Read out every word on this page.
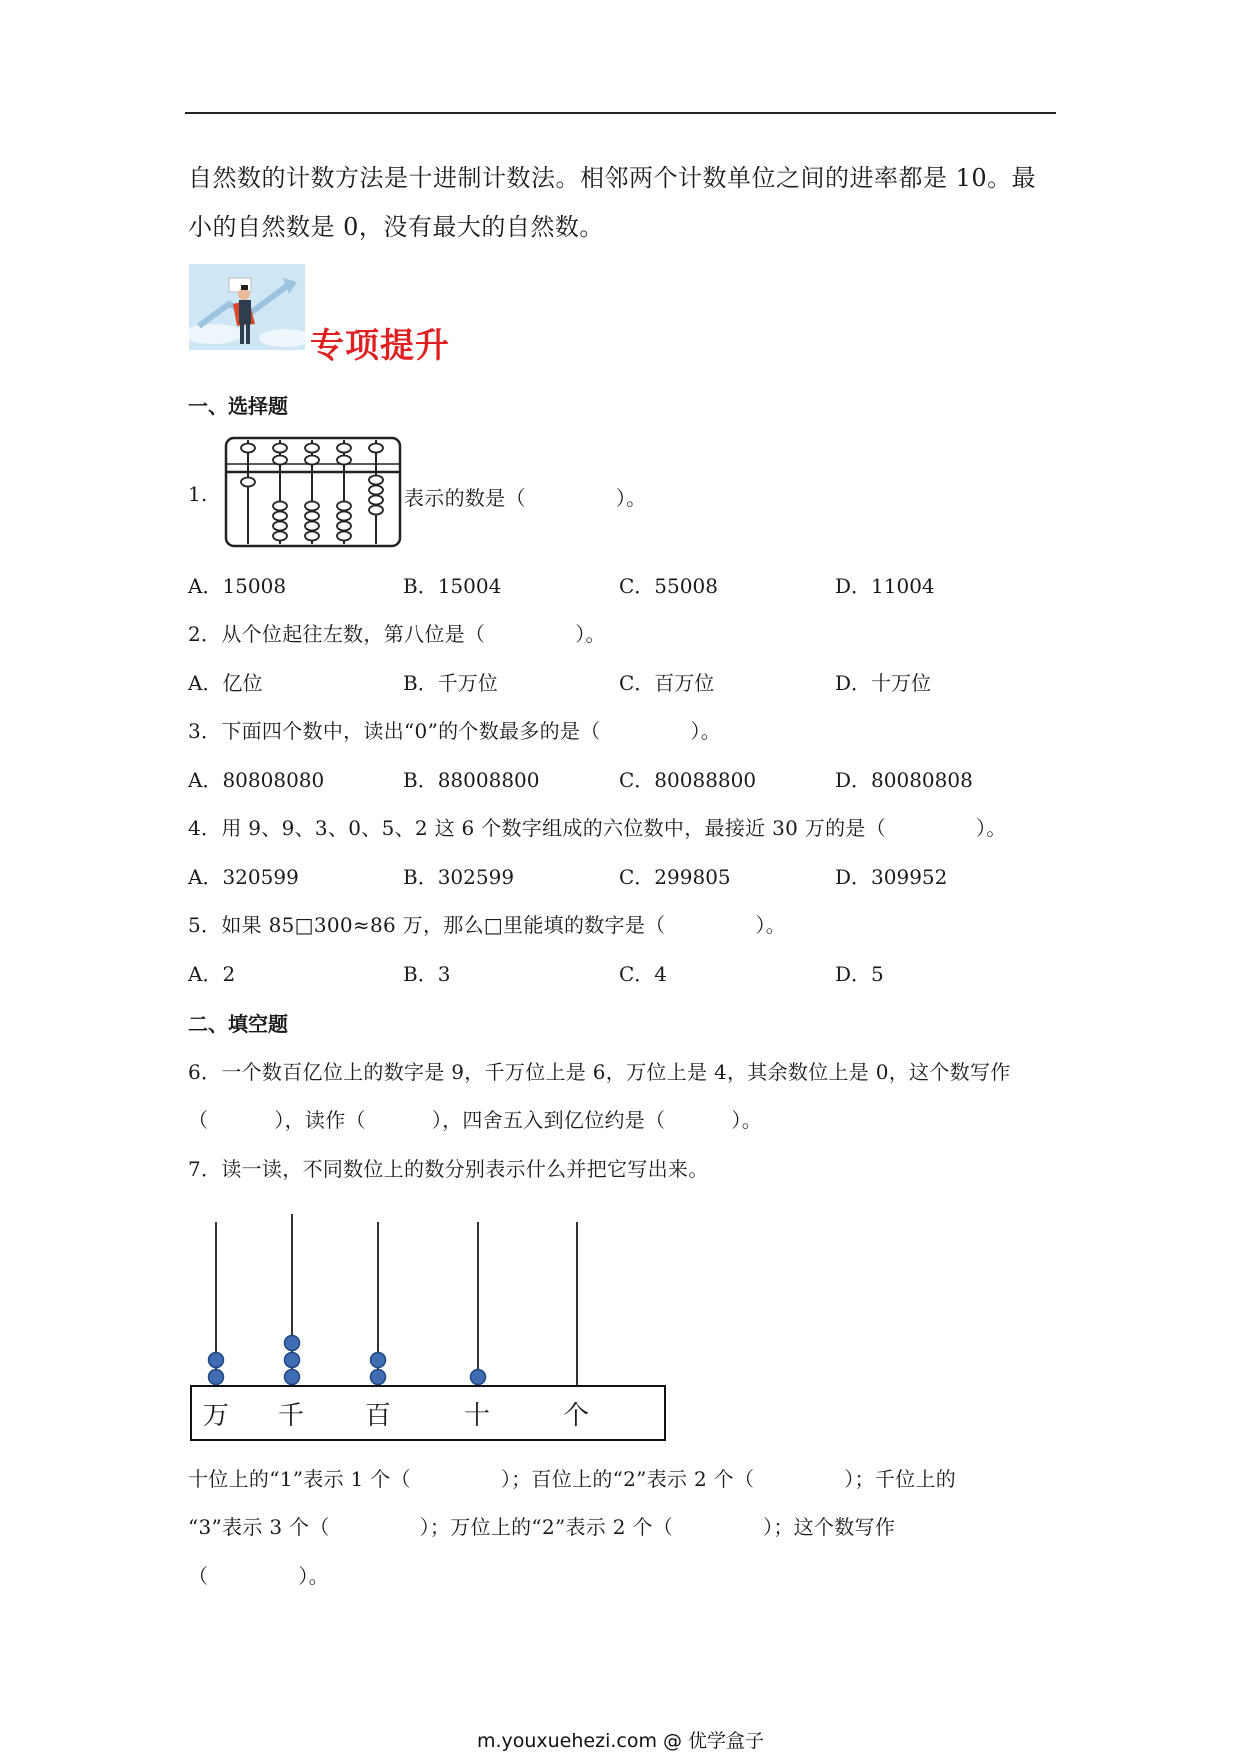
自然数的计数方法是十进制计数法。相邻两个计数单位之间的进率都是 10。最
小的自然数是 0，没有最大的自然数。
专项提升
一、选择题
1.	表示的数是（	）。
A．15008	B．15004	C．55008	D．11004
2．从个位起往左数，第八位是（	）。
A．亿位	B．千万位	C．百万位	D．十万位
3．下面四个数中，读出“0”的个数最多的是（	）。
A．80808080	B．88008800	C．80088800	D．80080808
4．用 9、9、3、0、5、2 这 6 个数字组成的六位数中，最接近 30 万的是（	）。
A．320599	B．302599	C．299805	D．309952
5．如果 85□300≈86 万，那么□里能填的数字是（	）。
A．2	B．3	C．4	D．5
二、填空题
6．一个数百亿位上的数字是 9，千万位上是 6，万位上是 4，其余数位上是 0，这个数写作
（	），读作（	），四舍五入到亿位约是（	）。
7．读一读，不同数位上的数分别表示什么并把它写出来。
万 千 百	十	个
十位上的“1”表示 1 个（	）；百位上的“2”表示 2 个（	）；千位上的
“3”表示 3 个（	）；万位上的“2”表示 2 个（	）；这个数写作
（	）。
m.youxuehezi.com @ 优学盒子
